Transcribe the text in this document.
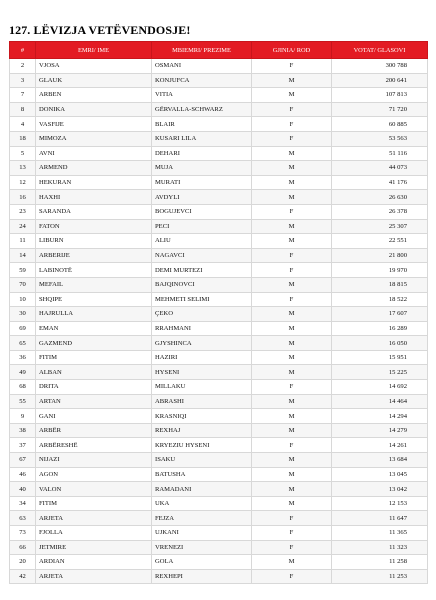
127. LËVIZJA VETËVENDOSJE!
#	EMRI/ IME	MBIEMRI/ PREZIME	GJINIA/ ROD	VOTAT/ GLASOVI
2	VJOSA	OSMANI	F	300 788
3	GLAUK	KONJUFCA	M	200 641
7	ARBEN	VITIA	M	107 813
8	DONIKA	GËRVALLA-SCHWARZ	F	71 720
4	VASFIJE	BLAIR	F	60 885
18	MIMOZA	KUSARI LILA	F	53 563
5	AVNI	DEHARI	M	51 116
13	ARMEND	MUJA	M	44 073
12	HEKURAN	MURATI	M	41 176
16	HAXHI	AVDYLI	M	26 630
23	SARANDA	BOGUJEVCI	F	26 378
24	FATON	PECI	M	25 307
11	LIBURN	ALIU	M	22 551
14	ARBERIJE	NAGAVCI	F	21 800
59	LABINOTË	DEMI MURTEZI	F	19 970
70	MEFAIL	BAJQINOVCI	M	18 815
10	SHQIPE	MEHMETI SELIMI	F	18 522
30	HAJRULLA	ÇEKO	M	17 607
69	EMAN	RRAHMANI	M	16 289
65	GAZMEND	GJYSHINCA	M	16 050
36	FITIM	HAZIRI	M	15 951
49	ALBAN	HYSENI	M	15 225
68	DRITA	MILLAKU	F	14 692
55	ARTAN	ABRASHI	M	14 464
9	GANI	KRASNIQI	M	14 294
38	ARBËR	REXHAJ	M	14 279
37	ARBËRESHË	KRYEZIU HYSENI	F	14 261
67	NIJAZI	ISAKU	M	13 684
46	AGON	BATUSHA	M	13 045
40	VALON	RAMADANI	M	13 042
34	FITIM	UKA	M	12 153
63	ARJETA	FEJZA	F	11 647
73	FJOLLA	UJKANI	F	11 365
66	JETMIRE	VRENEZI	F	11 323
20	ARDIAN	GOLA	M	11 258
42	ARJETA	REXHEPI	F	11 253
